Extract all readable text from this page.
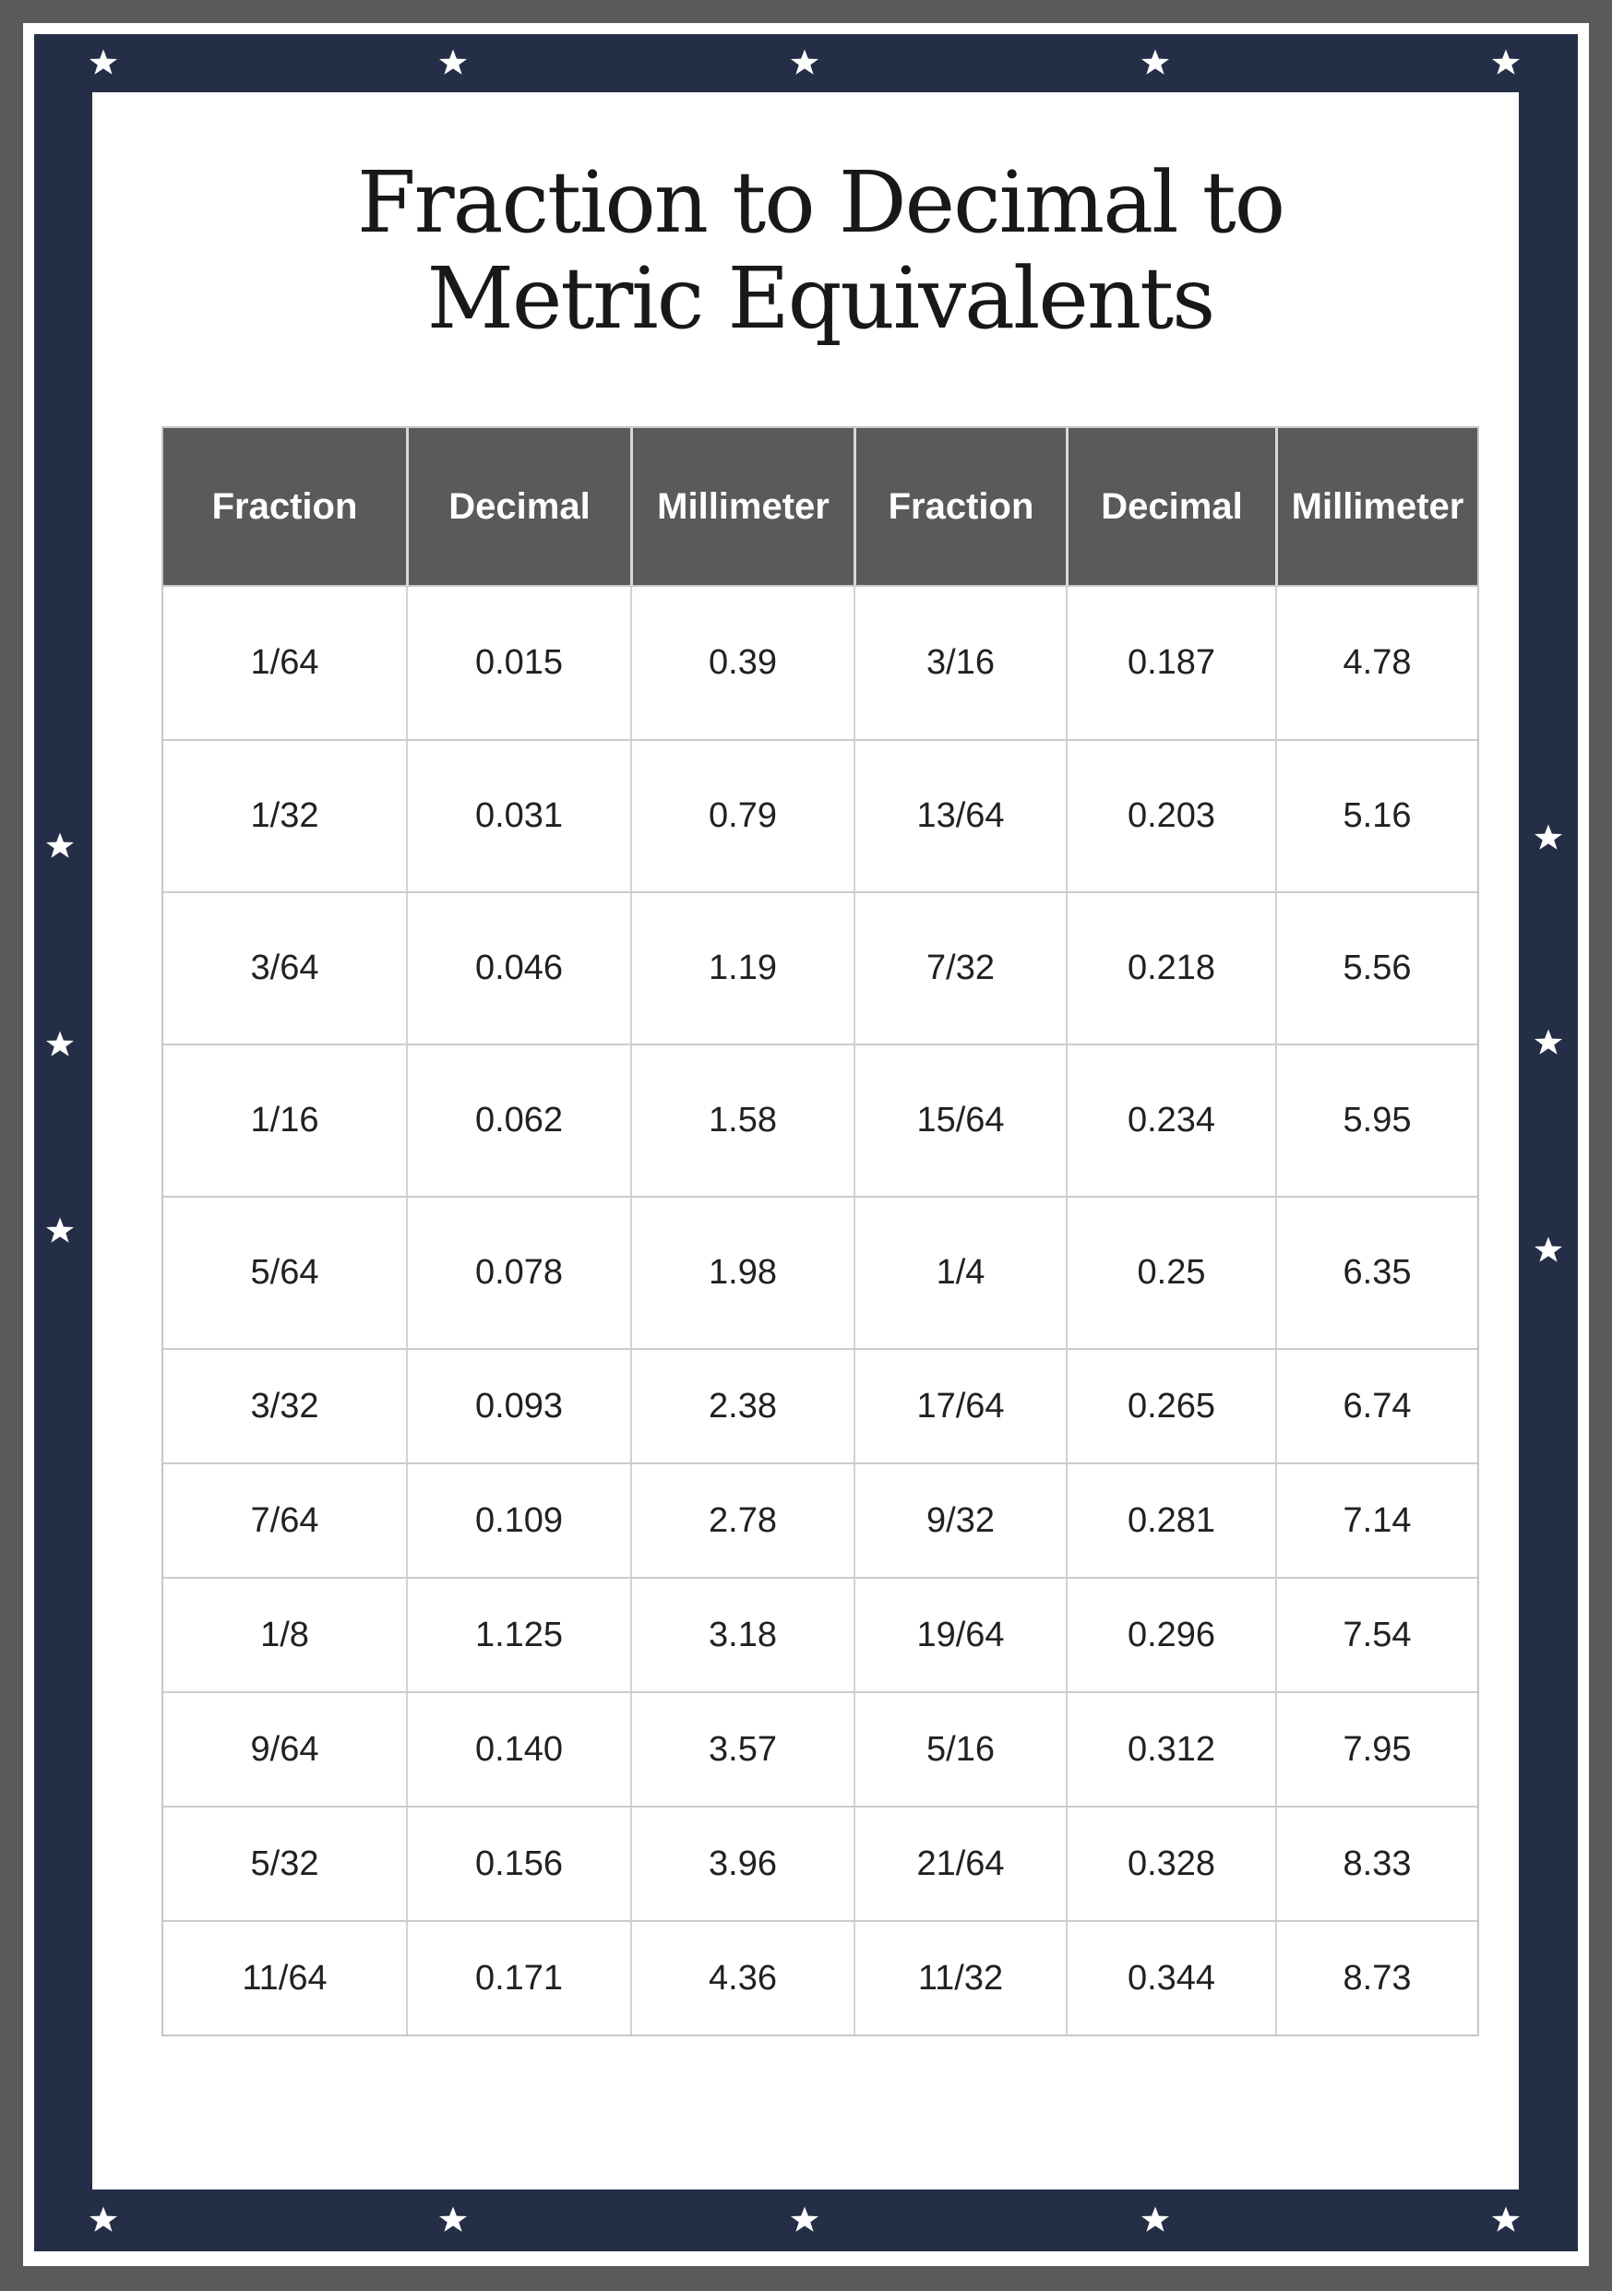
Fraction to Decimal to
Metric Equivalents
Fraction	Decimal	Millimeter	Fraction	Decimal	Millimeter
1/64	0.015	0.39	3/16	0.187	4.78
1/32	0.031	0.79	13/64	0.203	5.16
3/64	0.046	1.19	7/32	0.218	5.56
1/16	0.062	1.58	15/64	0.234	5.95
5/64	0.078	1.98	1/4	0.25	6.35
3/32	0.093	2.38	17/64	0.265	6.74
7/64	0.109	2.78	9/32	0.281	7.14
1/8	1.125	3.18	19/64	0.296	7.54
9/64	0.140	3.57	5/16	0.312	7.95
5/32	0.156	3.96	21/64	0.328	8.33
11/64	0.171	4.36	11/32	0.344	8.73
